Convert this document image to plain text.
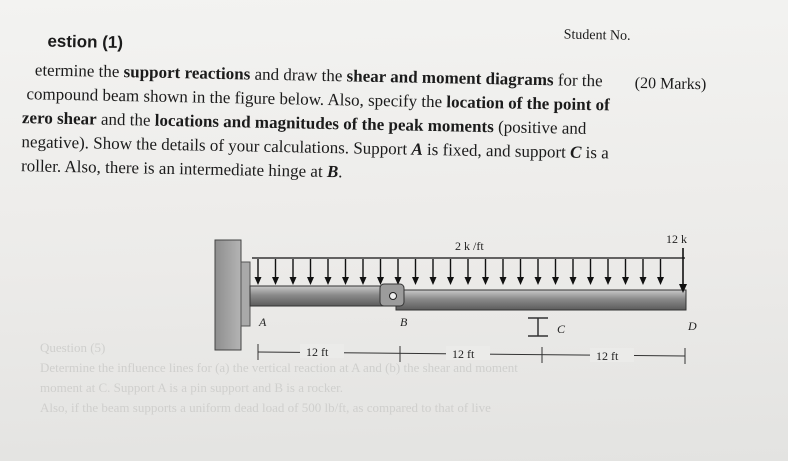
Student No.
estion (1)
(20 Marks)
etermine the support reactions and draw the shear and moment diagrams for the
compound beam shown in the figure below. Also, specify the location of the point of
zero shear and the locations and magnitudes of the peak moments (positive and
negative). Show the details of your calculations. Support A is fixed, and support C is a
roller. Also, there is an intermediate hinge at B.
Question (5)
Determine the influence lines for (a) the vertical reaction at A and (b) the shear and moment
moment at C. Support A is a pin support and B is a rocker.
Also, if the beam supports a uniform dead load of 500 lb/ft, as compared to that of live
2 k /ft	12 k
A	B	C	D
12 ft	12 ft	12 ft
